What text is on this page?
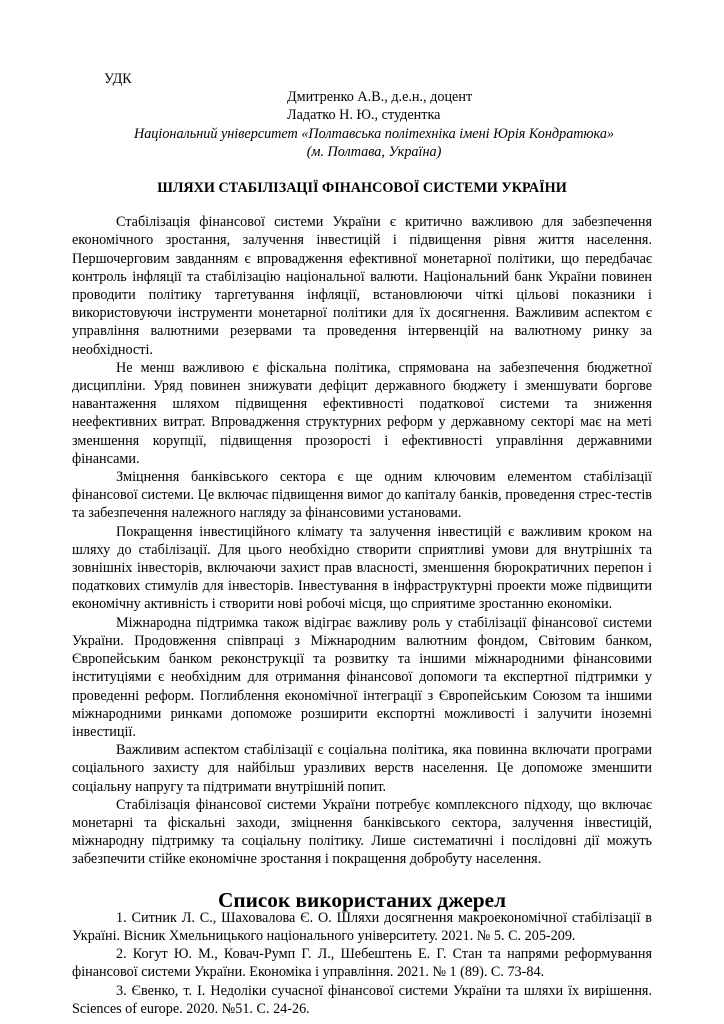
УДК

Дмитренко А.В., д.е.н., доцент

Ладатко Н. Ю., студентка

Національний університет «Полтавська політехніка імені Юрія Кондратюка»

(м. Полтава, Україна)

ШЛЯХИ СТАБІЛІЗАЦІЇ ФІНАНСОВОЇ СИСТЕМИ УКРАЇНИ

Стабілізація фінансової системи України є критично важливою для забезпечення економічного зростання, залучення інвестицій і підвищення рівня життя населення. Першочерговим завданням є впровадження ефективної монетарної політики, що передбачає контроль інфляції та стабілізацію національної валюти. Національний банк України повинен проводити політику таргетування інфляції, встановлюючи чіткі цільові показники і використовуючи інструменти монетарної політики для їх досягнення. Важливим аспектом є управління валютними резервами та проведення інтервенцій на валютному ринку за необхідності.

Не менш важливою є фіскальна політика, спрямована на забезпечення бюджетної дисципліни. Уряд повинен знижувати дефіцит державного бюджету і зменшувати боргове навантаження шляхом підвищення ефективності податкової системи та зниження неефективних витрат. Впровадження структурних реформ у державному секторі має на меті зменшення корупції, підвищення прозорості і ефективності управління державними фінансами.

Зміцнення банківського сектора є ще одним ключовим елементом стабілізації фінансової системи. Це включає підвищення вимог до капіталу банків, проведення стрес-тестів та забезпечення належного нагляду за фінансовими установами.

Покращення інвестиційного клімату та залучення інвестицій є важливим кроком на шляху до стабілізації. Для цього необхідно створити сприятливі умови для внутрішніх та зовнішніх інвесторів, включаючи захист прав власності, зменшення бюрократичних перепон і податкових стимулів для інвесторів. Інвестування в інфраструктурні проекти може підвищити економічну активність і створити нові робочі місця, що сприятиме зростанню економіки.

Міжнародна підтримка також відіграє важливу роль у стабілізації фінансової системи України. Продовження співпраці з Міжнародним валютним фондом, Світовим банком, Європейським банком реконструкції та розвитку та іншими міжнародними фінансовими інституціями є необхідним для отримання фінансової допомоги та експертної підтримки у проведенні реформ. Поглиблення економічної інтеграції з Європейським Союзом та іншими міжнародними ринками допоможе розширити експортні можливості і залучити іноземні інвестиції.

Важливим аспектом стабілізації є соціальна політика, яка повинна включати програми соціального захисту для найбільш уразливих верств населення. Це допоможе зменшити соціальну напругу та підтримати внутрішній попит.

Стабілізація фінансової системи України потребує комплексного підходу, що включає монетарні та фіскальні заходи, зміцнення банківського сектора, залучення інвестицій, міжнародну підтримку та соціальну політику. Лише систематичні і послідовні дії можуть забезпечити стійке економічне зростання і покращення добробуту населення.

Список використаних джерел

1. Ситник Л. С., Шаховалова Є. О. Шляхи досягнення макроекономічної стабілізації в Україні. Вісник Хмельницького національного університету. 2021. № 5. С. 205-209.

2. Когут Ю. М., Ковач-Румп Г. Л., Шебештень Е. Г. Стан та напрями реформування фінансової системи України. Економіка і управління. 2021. № 1 (89). С. 73-84.

3. Євенко, т. І. Недоліки сучасної фінансової системи України та шляхи їх вирішення. Sciences of europe. 2020. №51. С. 24-26.
